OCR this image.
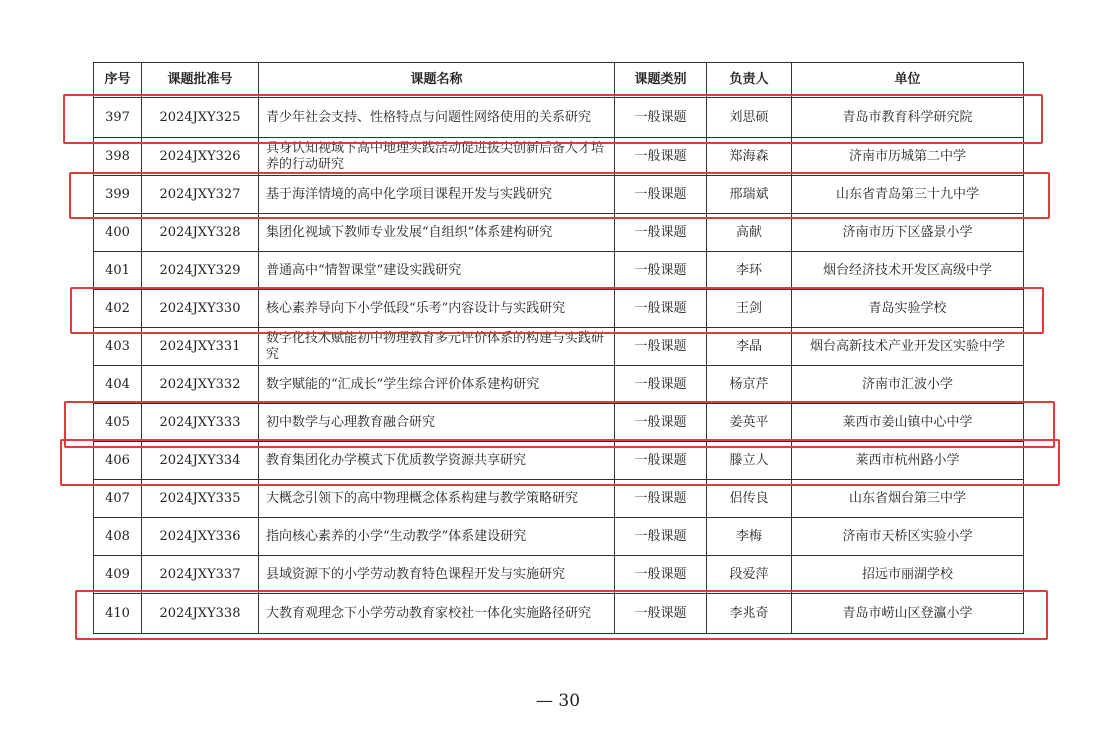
序号	课题批准号	课题名称	课题类别	负责人	单位
397	2024JXY325	青少年社会支持、性格特点与问题性网络使用的关系研究	一般课题	刘思硕	青岛市教育科学研究院
398	2024JXY326	具身认知视域下高中地理实践活动促进拔尖创新后备人才培养的行动研究	一般课题	郑海森	济南市历城第二中学
399	2024JXY327	基于海洋情境的高中化学项目课程开发与实践研究	一般课题	邢瑞斌	山东省青岛第三十九中学
400	2024JXY328	集团化视域下教师专业发展“自组织”体系建构研究	一般课题	高献	济南市历下区盛景小学
401	2024JXY329	普通高中“情智课堂”建设实践研究	一般课题	李环	烟台经济技术开发区高级中学
402	2024JXY330	核心素养导向下小学低段“乐考”内容设计与实践研究	一般课题	王剑	青岛实验学校
403	2024JXY331	数字化技术赋能初中物理教育多元评价体系的构建与实践研究	一般课题	李晶	烟台高新技术产业开发区实验中学
404	2024JXY332	数字赋能的“汇成长”学生综合评价体系建构研究	一般课题	杨京芹	济南市汇波小学
405	2024JXY333	初中数学与心理教育融合研究	一般课题	姜英平	莱西市姜山镇中心中学
406	2024JXY334	教育集团化办学模式下优质教学资源共享研究	一般课题	滕立人	莱西市杭州路小学
407	2024JXY335	大概念引领下的高中物理概念体系构建与教学策略研究	一般课题	侣传良	山东省烟台第三中学
408	2024JXY336	指向核心素养的小学“生动教学”体系建设研究	一般课题	李梅	济南市天桥区实验小学
409	2024JXY337	县域资源下的小学劳动教育特色课程开发与实施研究	一般课题	段爱萍	招远市丽湖学校
410	2024JXY338	大教育观理念下小学劳动教育家校社一体化实施路径研究	一般课题	李兆奇	青岛市崂山区登瀛小学
— 30
